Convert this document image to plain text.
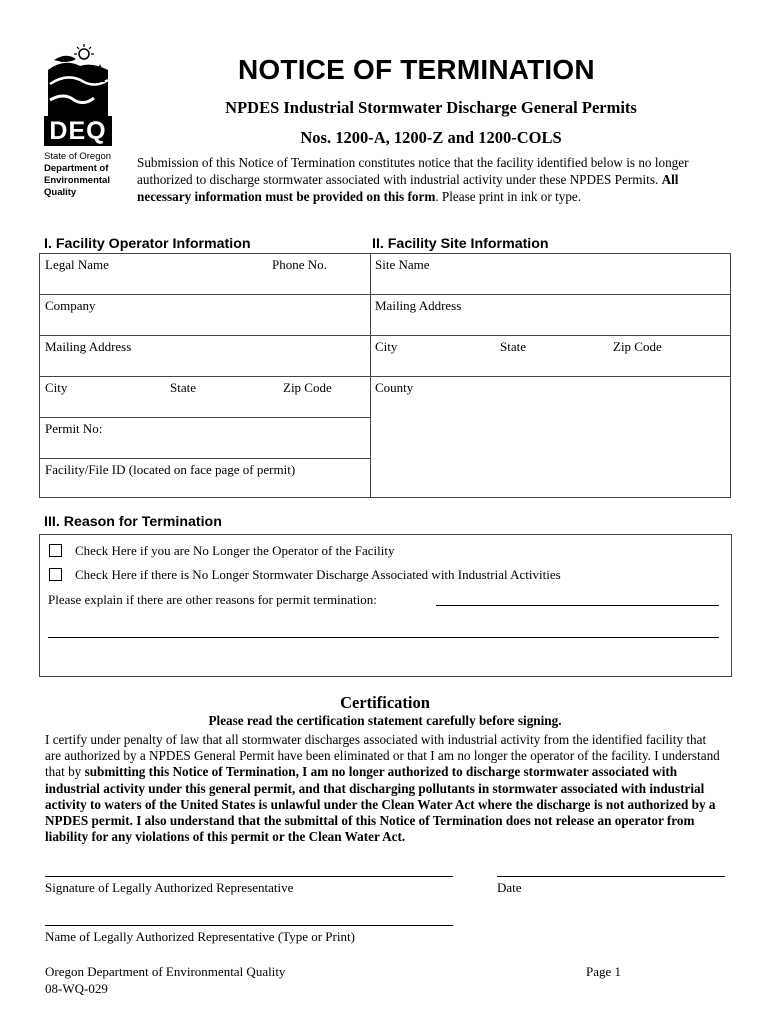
DEQ
State of Oregon
Department of
Environmental
Quality
NOTICE OF TERMINATION
NPDES Industrial Stormwater Discharge General Permits
Nos. 1200-A, 1200-Z and 1200-COLS
Submission of this Notice of Termination constitutes notice that the facility identified below is no longer authorized to discharge stormwater associated with industrial activity under these NPDES Permits. All necessary information must be provided on this form. Please print in ink or type.
I. Facility Operator Information	II. Facility Site Information
Legal Name	Phone No.
Company
Mailing Address
City	State	Zip Code
Permit No:
Facility/File ID (located on face page of permit)
Site Name
Mailing Address
City	State	Zip Code
County
III. Reason for Termination
Check Here if you are No Longer the Operator of the Facility
Check Here if there is No Longer Stormwater Discharge Associated with Industrial Activities
Please explain if there are other reasons for permit termination:
Certification
Please read the certification statement carefully before signing.
I certify under penalty of law that all stormwater discharges associated with industrial activity from the identified facility that are authorized by a NPDES General Permit have been eliminated or that I am no longer the operator of the facility. I understand that by submitting this Notice of Termination, I am no longer authorized to discharge stormwater associated with industrial activity under this general permit, and that discharging pollutants in stormwater associated with industrial activity to waters of the United States is unlawful under the Clean Water Act where the discharge is not authorized by a NPDES permit. I also understand that the submittal of this Notice of Termination does not release an operator from liability for any violations of this permit or the Clean Water Act.
Signature of Legally Authorized Representative	Date
Name of Legally Authorized Representative (Type or Print)
Oregon Department of Environmental Quality
08-WQ-029
Page 1
